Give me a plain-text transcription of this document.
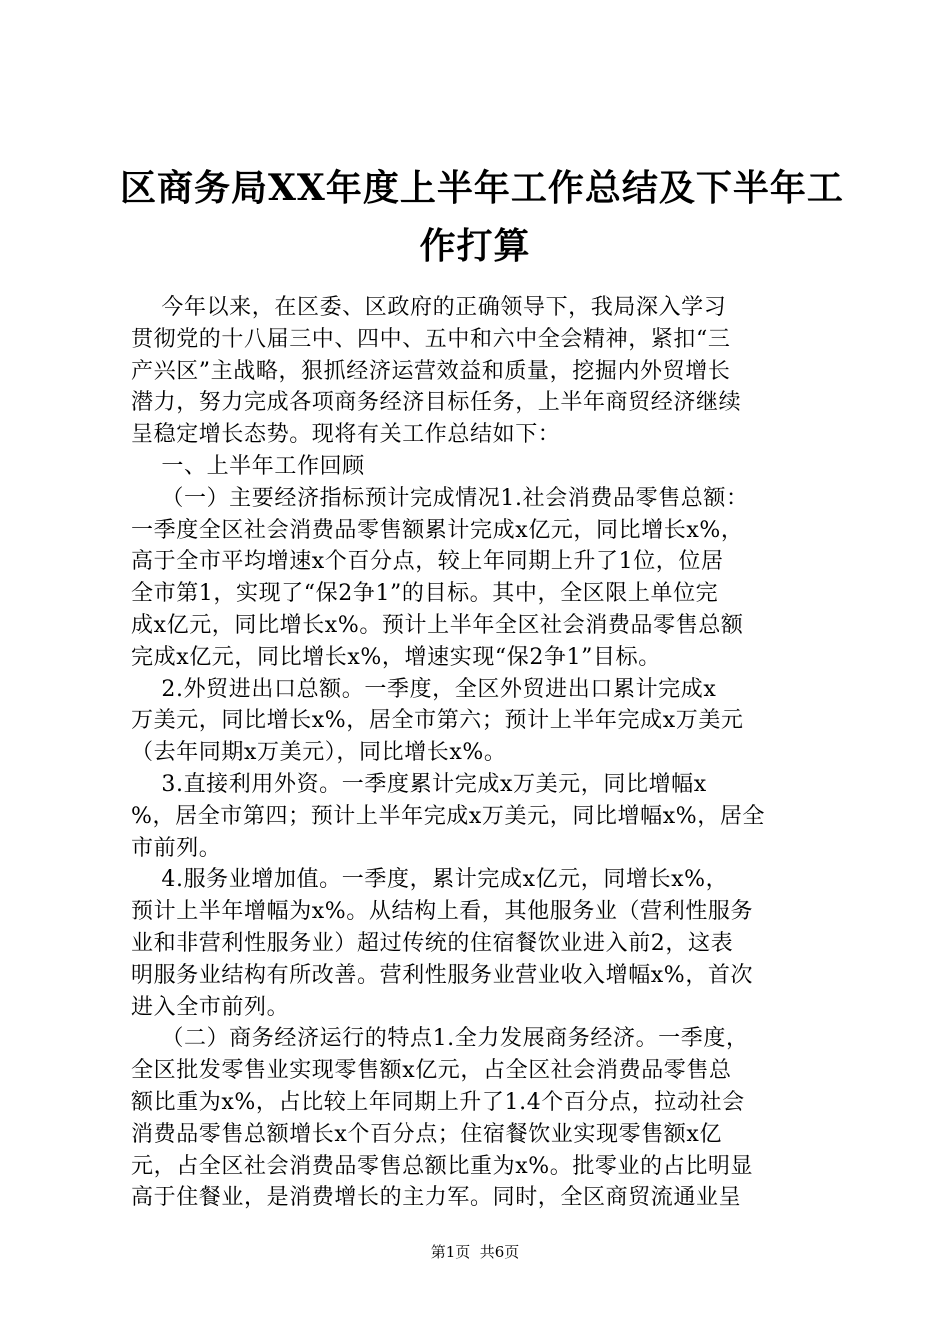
区商务局XX年度上半年工作总结及下半年工
作打算
今年以来，在区委、区政府的正确领导下，我局深入学习
贯彻党的十八届三中、四中、五中和六中全会精神，紧扣“三
产兴区”主战略，狠抓经济运营效益和质量，挖掘内外贸增长
潜力，努力完成各项商务经济目标任务，上半年商贸经济继续
呈稳定增长态势。现将有关工作总结如下：
一、上半年工作回顾
（一）主要经济指标预计完成情况1.社会消费品零售总额：
一季度全区社会消费品零售额累计完成x亿元，同比增长x%，
高于全市平均增速x个百分点，较上年同期上升了1位，位居
全市第1，实现了“保2争1”的目标。其中，全区限上单位完
成x亿元，同比增长x%。预计上半年全区社会消费品零售总额
完成x亿元，同比增长x%，增速实现“保2争1”目标。
2.外贸进出口总额。一季度，全区外贸进出口累计完成x
万美元，同比增长x%，居全市第六；预计上半年完成x万美元
（去年同期x万美元），同比增长x%。
3.直接利用外资。一季度累计完成x万美元，同比增幅x
%，居全市第四；预计上半年完成x万美元，同比增幅x%，居全
市前列。
4.服务业增加值。一季度，累计完成x亿元，同增长x%，
预计上半年增幅为x%。从结构上看，其他服务业（营利性服务
业和非营利性服务业）超过传统的住宿餐饮业进入前2，这表
明服务业结构有所改善。营利性服务业营业收入增幅x%，首次
进入全市前列。
（二）商务经济运行的特点1.全力发展商务经济。一季度，
全区批发零售业实现零售额x亿元，占全区社会消费品零售总
额比重为x%，占比较上年同期上升了1.4个百分点，拉动社会
消费品零售总额增长x个百分点；住宿餐饮业实现零售额x亿
元，占全区社会消费品零售总额比重为x%。批零业的占比明显
高于住餐业，是消费增长的主力军。同时，全区商贸流通业呈
第1页  共6页
